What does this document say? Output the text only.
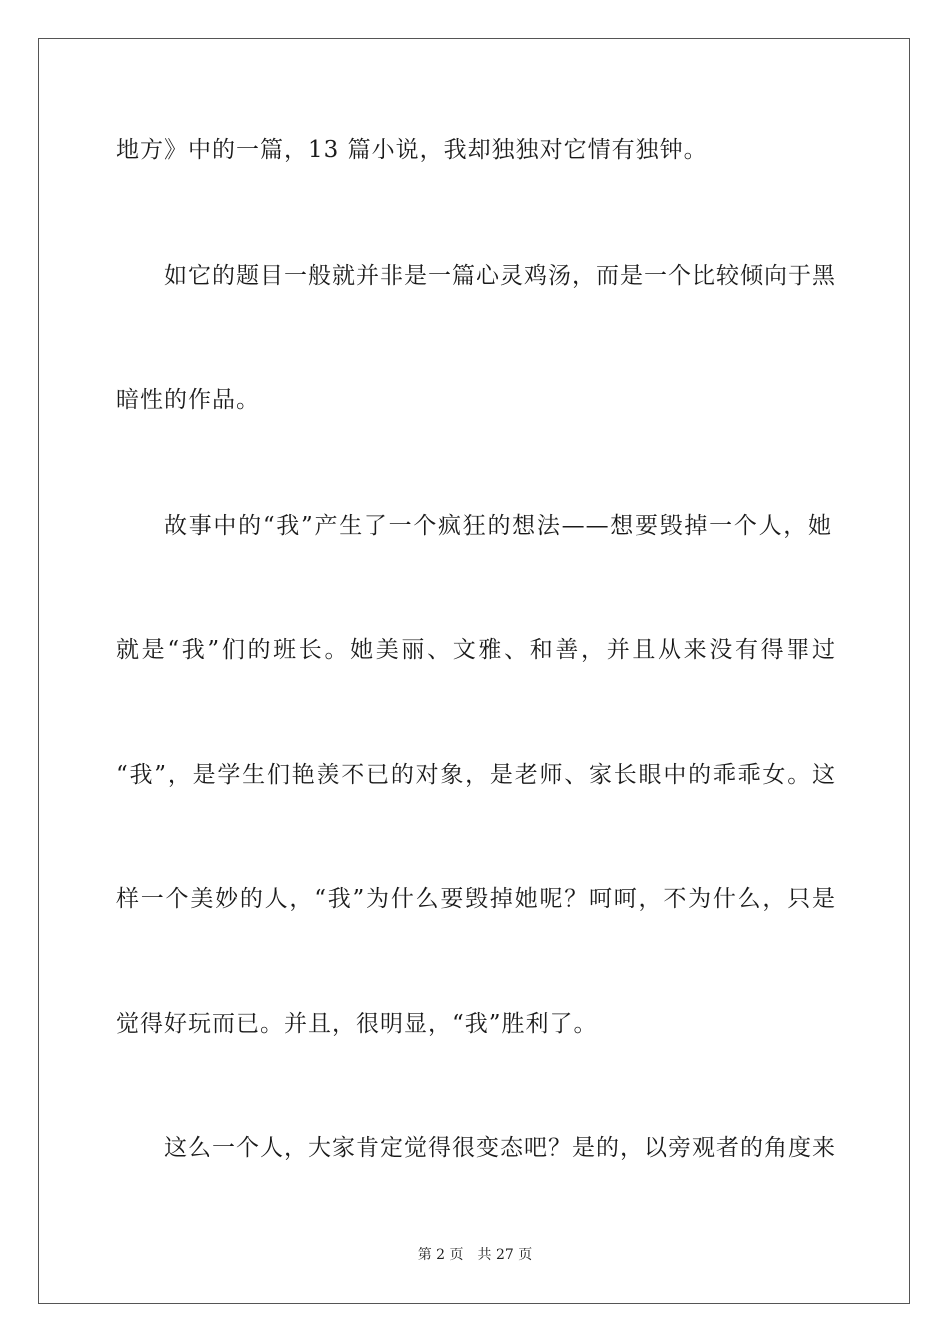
地方》中的一篇，13 篇小说，我却独独对它情有独钟。
如它的题目一般就并非是一篇心灵鸡汤，而是一个比较倾向于黑
暗性的作品。
故事中的“我”产生了一个疯狂的想法——想要毁掉一个人，她
就是“我”们的班长。她美丽、文雅、和善，并且从来没有得罪过
“我”，是学生们艳羡不已的对象，是老师、家长眼中的乖乖女。这
样一个美妙的人，“我”为什么要毁掉她呢？呵呵，不为什么，只是
觉得好玩而已。并且，很明显，“我”胜利了。
这么一个人，大家肯定觉得很变态吧？是的，以旁观者的角度来
第 2 页 共 27 页
